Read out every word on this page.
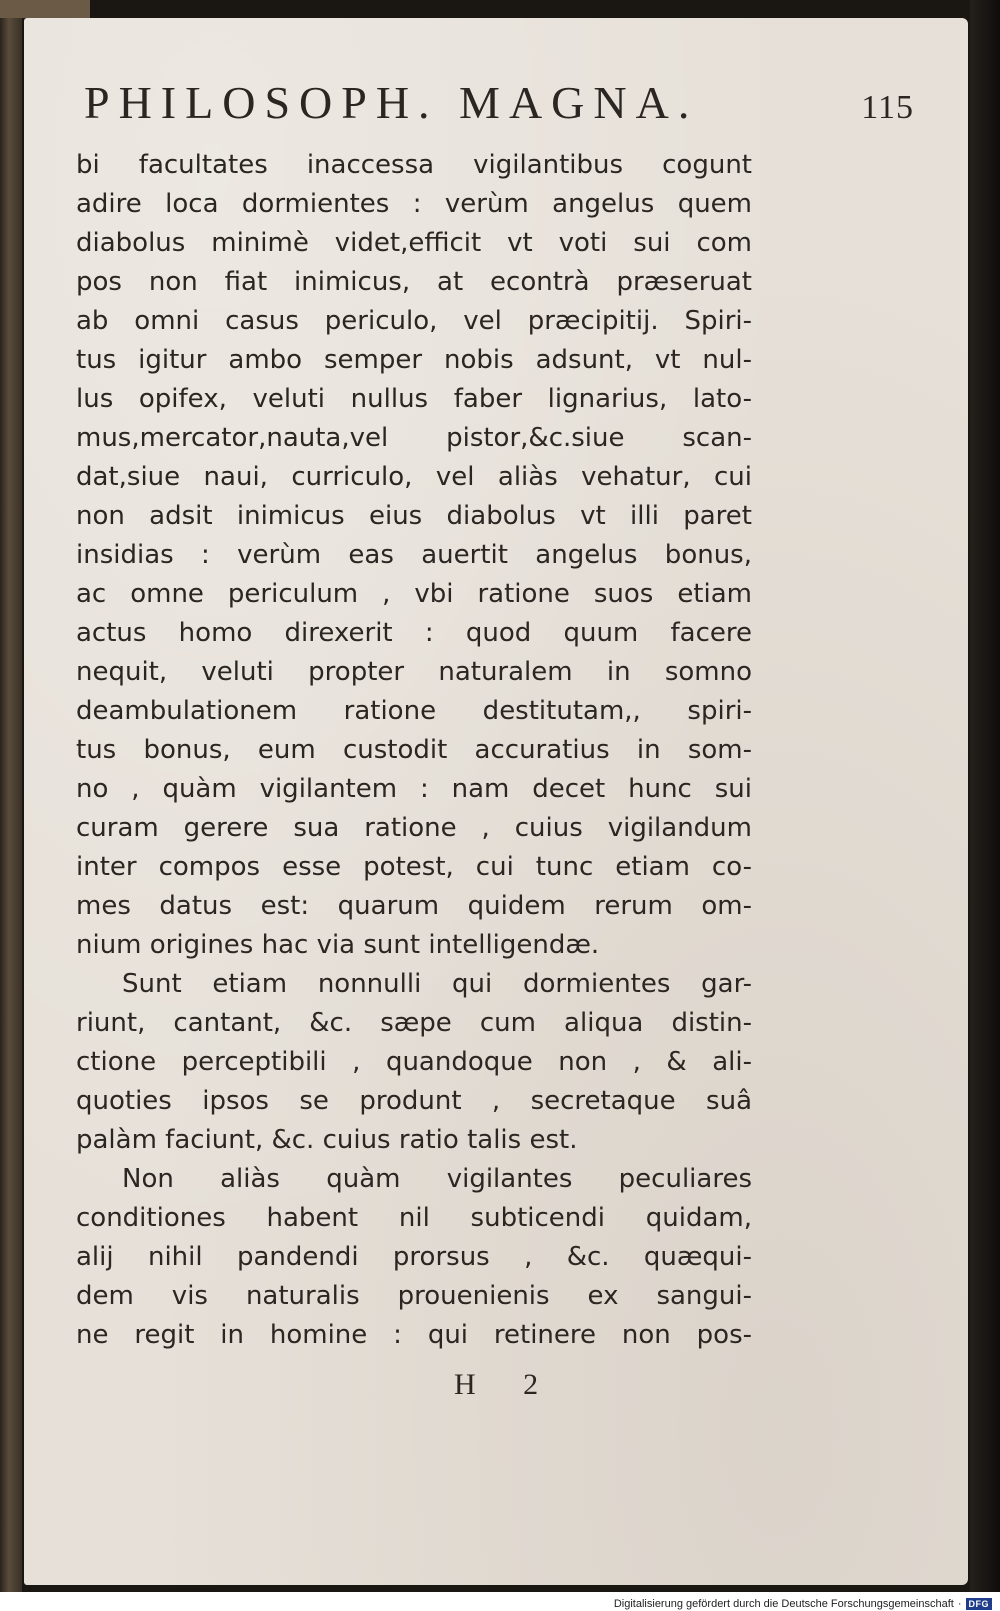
PHILOSOPH. MAGNA.	115
bi facultates inaccessa vigilantibus cogunt
adire loca dormientes : verùm angelus quem
diabolus minimè videt,efficit vt voti sui com
pos non fiat inimicus, at econtrà præseruat
ab omni casus periculo, vel præcipitij. Spiri-
tus igitur ambo semper nobis adsunt, vt nul-
lus opifex, veluti nullus faber lignarius, lato-
mus,mercator,nauta,vel pistor,&c.siue scan-
dat,siue naui, curriculo, vel aliàs vehatur, cui
non adsit inimicus eius diabolus vt illi paret
insidias : verùm eas auertit angelus bonus,
ac omne periculum , vbi ratione suos etiam
actus homo direxerit : quod quum facere
nequit, veluti propter naturalem in somno
deambulationem ratione destitutam,, spiri-
tus bonus, eum custodit accuratius in som-
no , quàm vigilantem : nam decet hunc sui
curam gerere sua ratione , cuius vigilandum
inter compos esse potest, cui tunc etiam co-
mes datus est: quarum quidem rerum om-
nium origines hac via sunt intelligendæ.
Sunt etiam nonnulli qui dormientes gar-
riunt, cantant, &c. sæpe cum aliqua distin-
ctione perceptibili , quandoque non , & ali-
quoties ipsos se produnt , secretaque suâ
palàm faciunt, &c. cuius ratio talis est.
Non aliàs quàm vigilantes peculiares
conditiones habent nil subticendi quidam,
alij nihil pandendi prorsus , &c. quæqui-
dem vis naturalis prouenienis ex sangui-
ne regit in homine : qui retinere non pos-
H 2
Digitalisierung gefördert durch die Deutsche Forschungsgemeinschaft · DFG
